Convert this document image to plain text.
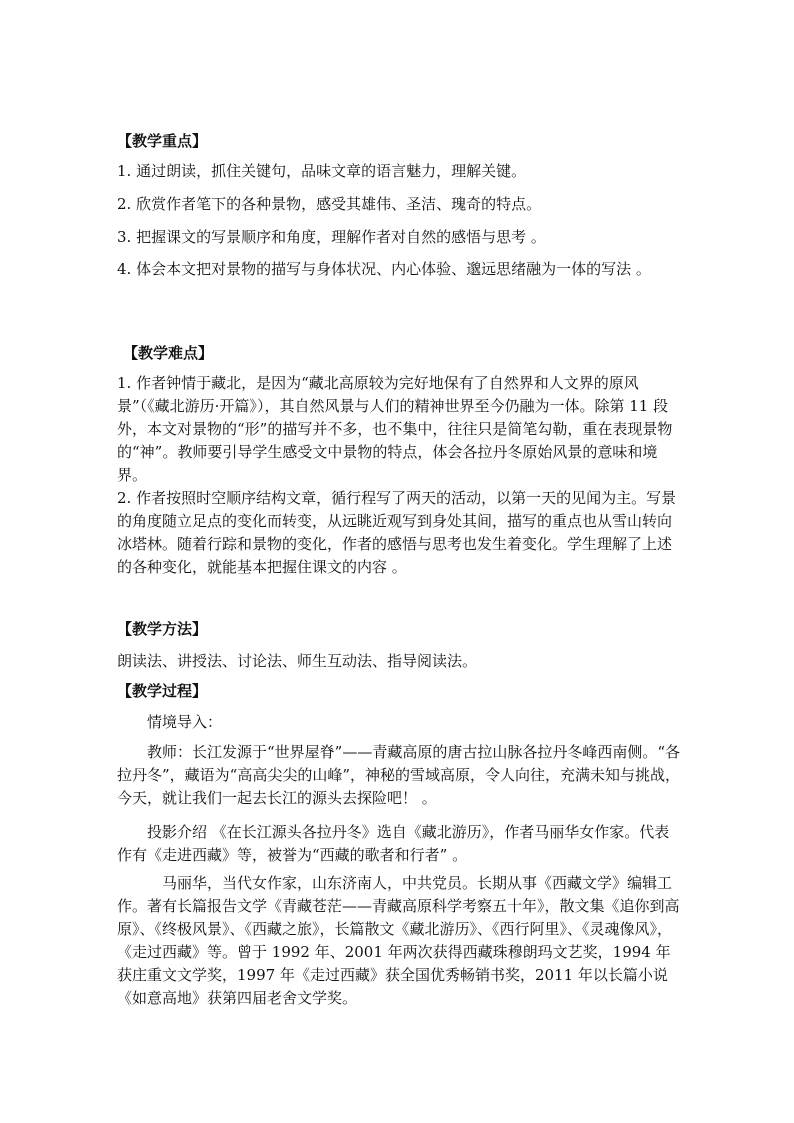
【教学重点】
1. 通过朗读，抓住关键句，品味文章的语言魅力，理解关键。
2. 欣赏作者笔下的各种景物，感受其雄伟、圣洁、瑰奇的特点。
3. 把握课文的写景顺序和角度，理解作者对自然的感悟与思考 。
4. 体会本文把对景物的描写与身体状况、内心体验、邈远思绪融为一体的写法 。
【教学难点】
1. 作者钟情于藏北，是因为“藏北高原较为完好地保有了自然界和人文界的原风景”（《藏北游历·开篇》），其自然风景与人们的精神世界至今仍融为一体。除第 11 段外，本文对景物的“形”的描写并不多，也不集中，往往只是简笔勾勒，重在表现景物的“神”。教师要引导学生感受文中景物的特点，体会各拉丹冬原始风景的意味和境界。
2. 作者按照时空顺序结构文章，循行程写了两天的活动，以第一天的见闻为主。写景的角度随立足点的变化而转变，从远眺近观写到身处其间，描写的重点也从雪山转向冰塔林。随着行踪和景物的变化，作者的感悟与思考也发生着变化。学生理解了上述的各种变化，就能基本把握住课文的内容 。
【教学方法】
朗读法、讲授法、讨论法、师生互动法、指导阅读法。
【教学过程】
情境导入：
教师：长江发源于“世界屋脊”——青藏高原的唐古拉山脉各拉丹冬峰西南侧。“各拉丹冬”，藏语为“高高尖尖的山峰”，神秘的雪域高原，令人向往，充满未知与挑战，今天，就让我们一起去长江的源头去探险吧！ 。
投影介绍 《在长江源头各拉丹冬》选自《藏北游历》，作者马丽华女作家。代表作有《走进西藏》等，被誉为“西藏的歌者和行者” 。
马丽华，当代女作家，山东济南人，中共党员。长期从事《西藏文学》编辑工作。著有长篇报告文学《青藏苍茫——青藏高原科学考察五十年》，散文集《追你到高原》、《终极风景》、《西藏之旅》，长篇散文《藏北游历》、《西行阿里》、《灵魂像风》，《走过西藏》等。曾于 1992 年、2001 年两次获得西藏珠穆朗玛文艺奖，1994 年获庄重文文学奖，1997 年《走过西藏》获全国优秀畅销书奖，2011 年以长篇小说《如意高地》获第四届老舍文学奖。
